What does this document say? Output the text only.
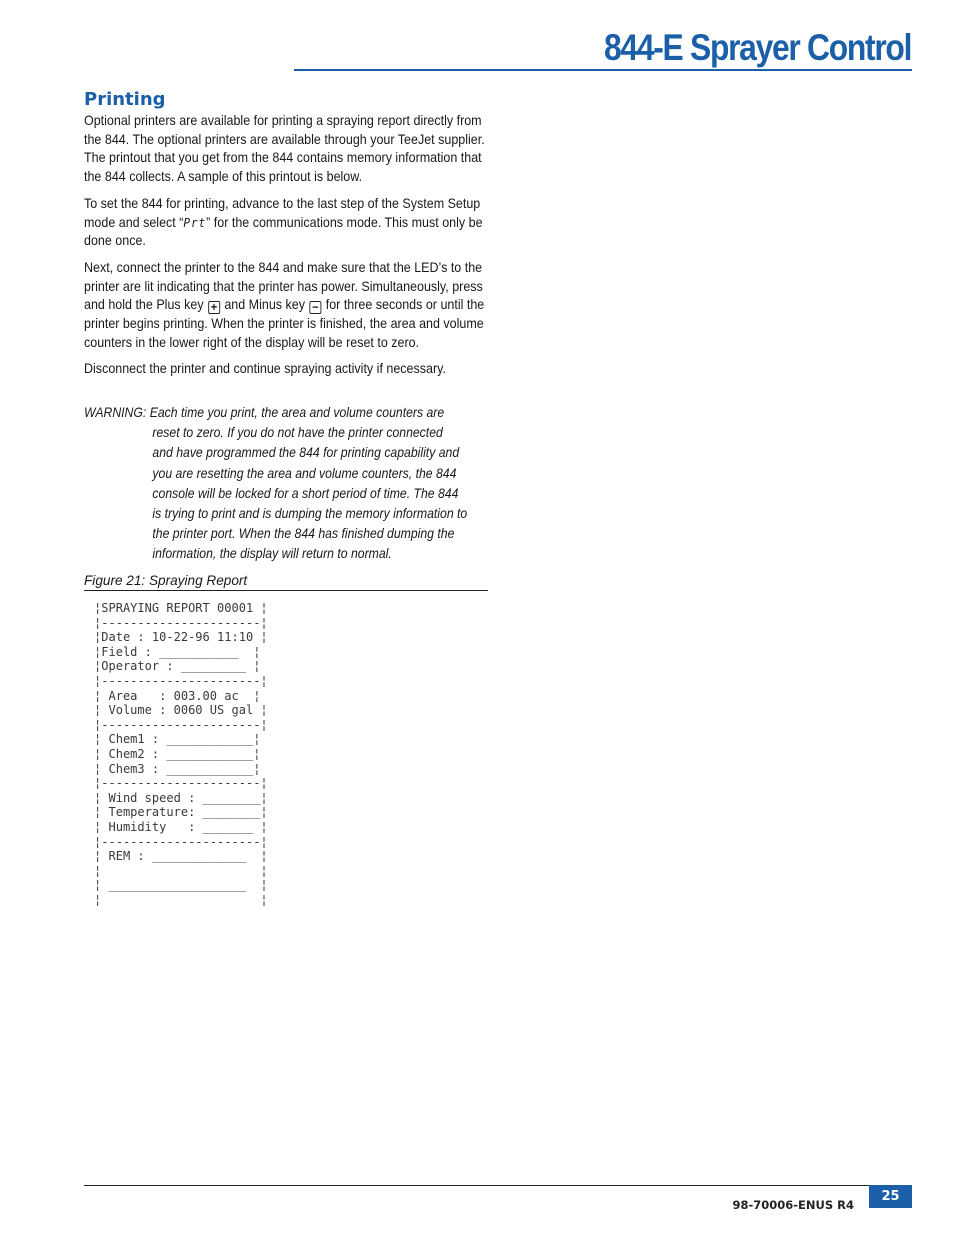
844-E Sprayer Control
Printing

Optional printers are available for printing a spraying report directly from the 844. The optional printers are available through your TeeJet supplier. The printout that you get from the 844 contains memory information that the 844 collects. A sample of this printout is below.

To set the 844 for printing, advance to the last step of the System Setup mode and select “Prt” for the communications mode. This must only be done once.

Next, connect the printer to the 844 and make sure that the LED’s to the printer are lit indicating that the printer has power. Simultaneously, press and hold the Plus key + and Minus key − for three seconds or until the printer begins printing. When the printer is finished, the area and volume counters in the lower right of the display will be reset to zero.

Disconnect the printer and continue spraying activity if necessary.

WARNING: Each time you print, the area and volume counters are
reset to zero. If you do not have the printer connected
and have programmed the 844 for printing capability and
you are resetting the area and volume counters, the 844
console will be locked for a short period of time. The 844
is trying to print and is dumping the memory information to
the printer port. When the 844 has finished dumping the
information, the display will return to normal.
Figure 21: Spraying Report
¦SPRAYING REPORT 00001 ¦
¦----------------------¦
¦Date : 10-22-96 11:10 ¦
¦Field : ___________  ¦
¦Operator : _________ ¦
¦----------------------¦
¦ Area   : 003.00 ac  ¦
¦ Volume : 0060 US gal ¦
¦----------------------¦
¦ Chem1 : ____________¦
¦ Chem2 : ____________¦
¦ Chem3 : ____________¦
¦----------------------¦
¦ Wind speed : ________¦
¦ Temperature: ________¦
¦ Humidity   : _______ ¦
¦----------------------¦
¦ REM : _____________  ¦
¦                      ¦
¦ ___________________  ¦
¦                      ¦
98-70006-ENUS R4
25
